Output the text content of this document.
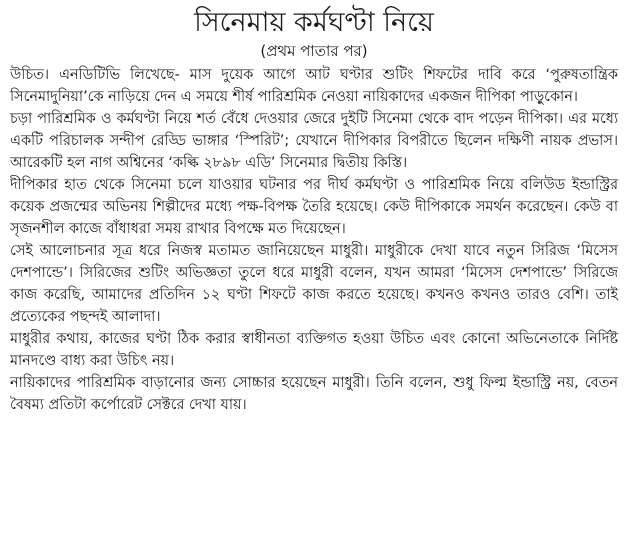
সিনেমায় কর্মঘণ্টা নিয়ে
(প্রথম পাতার পর)

উচিত। এনডিটিভি লিখেছে- মাস দুয়েক আগে আট ঘণ্টার শুটিং শিফটের দাবি করে ‘পুরুষতান্ত্রিক সিনেমাদুনিয়া’কে নাড়িয়ে দেন এ সময়ে শীর্ষ পারিশ্রমিক নেওয়া নায়িকাদের একজন দীপিকা পাড়ুকোন।

চড়া পারিশ্রমিক ও কর্মঘণ্টা নিয়ে শর্ত বেঁধে দেওয়ার জেরে দুইটি সিনেমা থেকে বাদ পড়েন দীপিকা। এর মধ্যে একটি পরিচালক সন্দীপ রেড্ডি ভাঙ্গার ‘স্পিরিট’; যেখানে দীপিকার বিপরীতে ছিলেন দক্ষিণী নায়ক প্রভাস। আরেকটি হল নাগ অশ্বিনের ‘কল্কি ২৮৯৮ এডি’ সিনেমার দ্বিতীয় কিস্তি।

দীপিকার হাত থেকে সিনেমা চলে যাওয়ার ঘটনার পর দীর্ঘ কর্মঘণ্টা ও পারিশ্রমিক নিয়ে বলিউড ইন্ডাস্ট্রির কয়েক প্রজন্মের অভিনয় শিল্পীদের মধ্যে পক্ষ-বিপক্ষ তৈরি হয়েছে। কেউ দীপিকাকে সমর্থন করেছেন। কেউ বা সৃজনশীল কাজে বাঁধাধরা সময় রাখার বিপক্ষে মত দিয়েছেন।

সেই আলোচনার সূত্র ধরে নিজস্ব মতামত জানিয়েছেন মাধুরী। মাধুরীকে দেখা যাবে নতুন সিরিজ ‘মিসেস দেশপান্ডে’। সিরিজের শুটিং অভিজ্ঞতা তুলে ধরে মাধুরী বলেন, যখন আমরা ‘মিসেস দেশপান্ডে’ সিরিজে কাজ করেছি, আমাদের প্রতিদিন ১২ ঘণ্টা শিফটে কাজ করতে হয়েছে। কখনও কখনও তারও বেশি। তাই প্রত্যেকের পছন্দই আলাদা।

মাধুরীর কথায়, কাজের ঘণ্টা ঠিক করার স্বাধীনতা ব্যক্তিগত হওয়া উচিত এবং কোনো অভিনেতাকে নির্দিষ্ট মানদণ্ডে বাধ্য করা উচিৎ নয়।

নায়িকাদের পারিশ্রমিক বাড়ানোর জন্য সোচ্চার হয়েছেন মাধুরী। তিনি বলেন, শুধু ফিল্ম ইন্ডাস্ট্রি নয়, বেতন বৈষম্য প্রতিটা কর্পোরেট সেক্টরে দেখা যায়।
